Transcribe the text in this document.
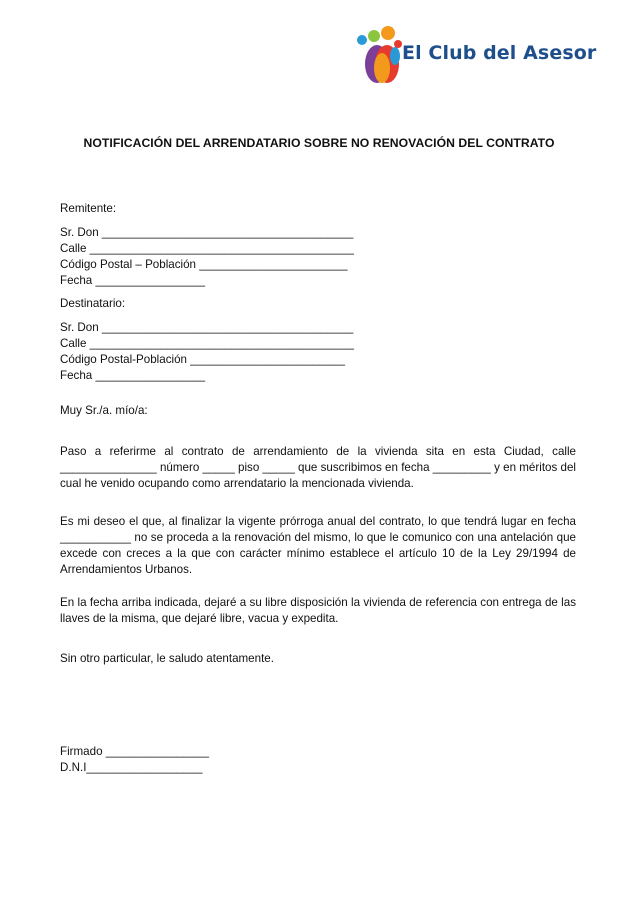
El Club del Asesor
NOTIFICACIÓN DEL ARRENDATARIO SOBRE NO RENOVACIÓN DEL CONTRATO
Remitente:
Sr. Don _______________________________________
Calle _________________________________________
Código Postal – Población _______________________
Fecha _________________
Destinatario:
Sr. Don _______________________________________
Calle _________________________________________
Código Postal-Población ________________________
Fecha _________________
Muy Sr./a. mío/a:
Paso a referirme al contrato de arrendamiento de la vivienda sita en esta Ciudad, calle _______________ número _____ piso _____ que suscribimos en fecha _________ y en méritos del cual he venido ocupando como arrendatario la mencionada vivienda.
Es mi deseo el que, al finalizar la vigente prórroga anual del contrato, lo que tendrá lugar en fecha ___________ no se proceda a la renovación del mismo, lo que le comunico con una antelación que excede con creces a la que con carácter mínimo establece el artículo 10 de la Ley 29/1994 de Arrendamientos Urbanos.
En la fecha arriba indicada, dejaré a su libre disposición la vivienda de referencia con entrega de las llaves de la misma, que dejaré libre, vacua y expedita.
Sin otro particular, le saludo atentamente.
Firmado ________________
D.N.I__________________
